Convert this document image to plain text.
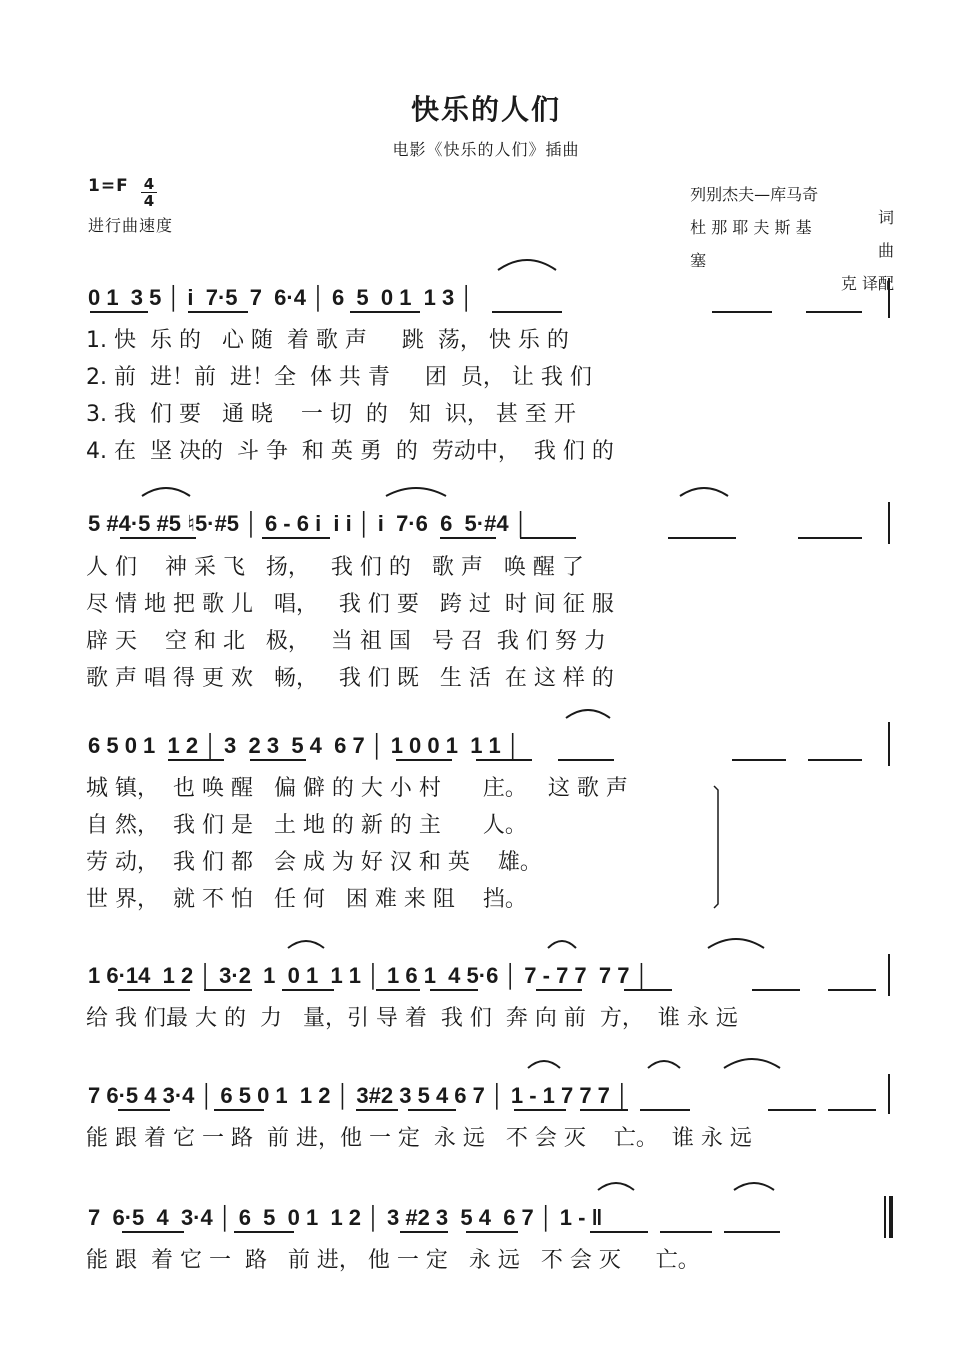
快乐的人们
电影《快乐的人们》插曲
1=F	4
4
进行曲速度

列别杰夫—库马奇

词

杜 那 耶 夫 斯 基

曲

塞

克 译配

0 1  3 5 │ i  7·5  7  6·4 │ 6  5  0 1  1 3 │
1. 快  乐 的   心 随  着 歌 声     跳  荡， 快 乐 的
2. 前  进！前  进！全  体 共 青     团  员， 让 我 们
3. 我  们 要   通 晓    一 切  的   知  识， 甚 至 开
4. 在  坚 决的  斗 争  和 英 勇  的  劳动中，  我 们 的
5 #4·5 #5 ♮5·#5 │ 6 - 6 i  i i │ i  7·6  6  5·#4 │
人 们    神 采 飞   扬，   我 们 的   歌 声   唤 醒 了
尽 情 地 把 歌 儿   唱，   我 们 要   跨 过  时 间 征 服
辟 天    空 和 北   极，   当 祖 国   号 召  我 们 努 力
歌 声 唱 得 更 欢   畅，   我 们 既   生 活  在 这 样 的
6 5 0 1  1 2 │ 3  2 3  5 4  6 7 │ 1 0 0 1  1 1 │
城 镇，  也 唤 醒   偏 僻 的 大 小 村      庄。   这 歌 声
自 然，  我 们 是   土 地 的 新 的 主      人。
劳 动，  我 们 都   会 成 为 好 汉 和 英    雄。
世 界，  就 不 怕   任 何   困 难 来 阻    挡。
1 6·14  1 2 │ 3·2  1  0 1  1 1 │ 1 6 1  4 5·6 │ 7 - 7 7  7 7 │
给 我 们最 大 的  力   量，引 导 着  我 们  奔 向 前  方，  谁 永 远
7 6·5 4 3·4 │ 6 5 0 1  1 2 │ 3#2 3 5 4 6 7 │ 1 - 1 7 7 7 │
能 跟 着 它 一 路  前 进，他 一 定  永 远   不 会 灭    亡。  谁 永 远
7  6·5  4  3·4 │ 6  5  0 1  1 2 │ 3 #2 3  5 4  6 7 │ 1 - ‖
能 跟  着 它 一  路   前 进， 他 一 定   永 远   不 会 灭     亡。
